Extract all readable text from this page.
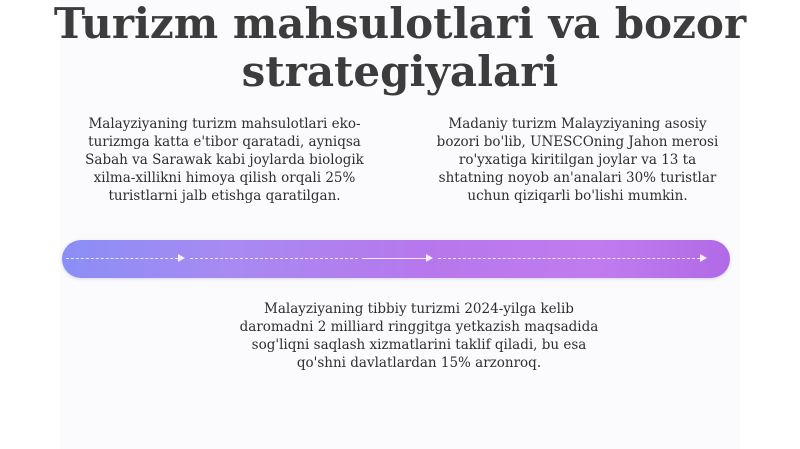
Turizm mahsulotlari va bozor strategiyalari
Malayziyaning turizm mahsulotlari eko-turizmga katta e'tibor qaratadi, ayniqsa Sabah va Sarawak kabi joylarda biologik xilma-xillikni himoya qilish orqali 25% turistlarni jalb etishga qaratilgan.
Madaniy turizm Malayziyaning asosiy bozori bo'lib, UNESCOning Jahon merosi ro'yxatiga kiritilgan joylar va 13 ta shtatning noyob an'analari 30% turistlar uchun qiziqarli bo'lishi mumkin.
Malayziyaning tibbiy turizmi 2024-yilga kelib daromadni 2 milliard ringgitga yetkazish maqsadida sog'liqni saqlash xizmatlarini taklif qiladi, bu esa qo'shni davlatlardan 15% arzonroq.
